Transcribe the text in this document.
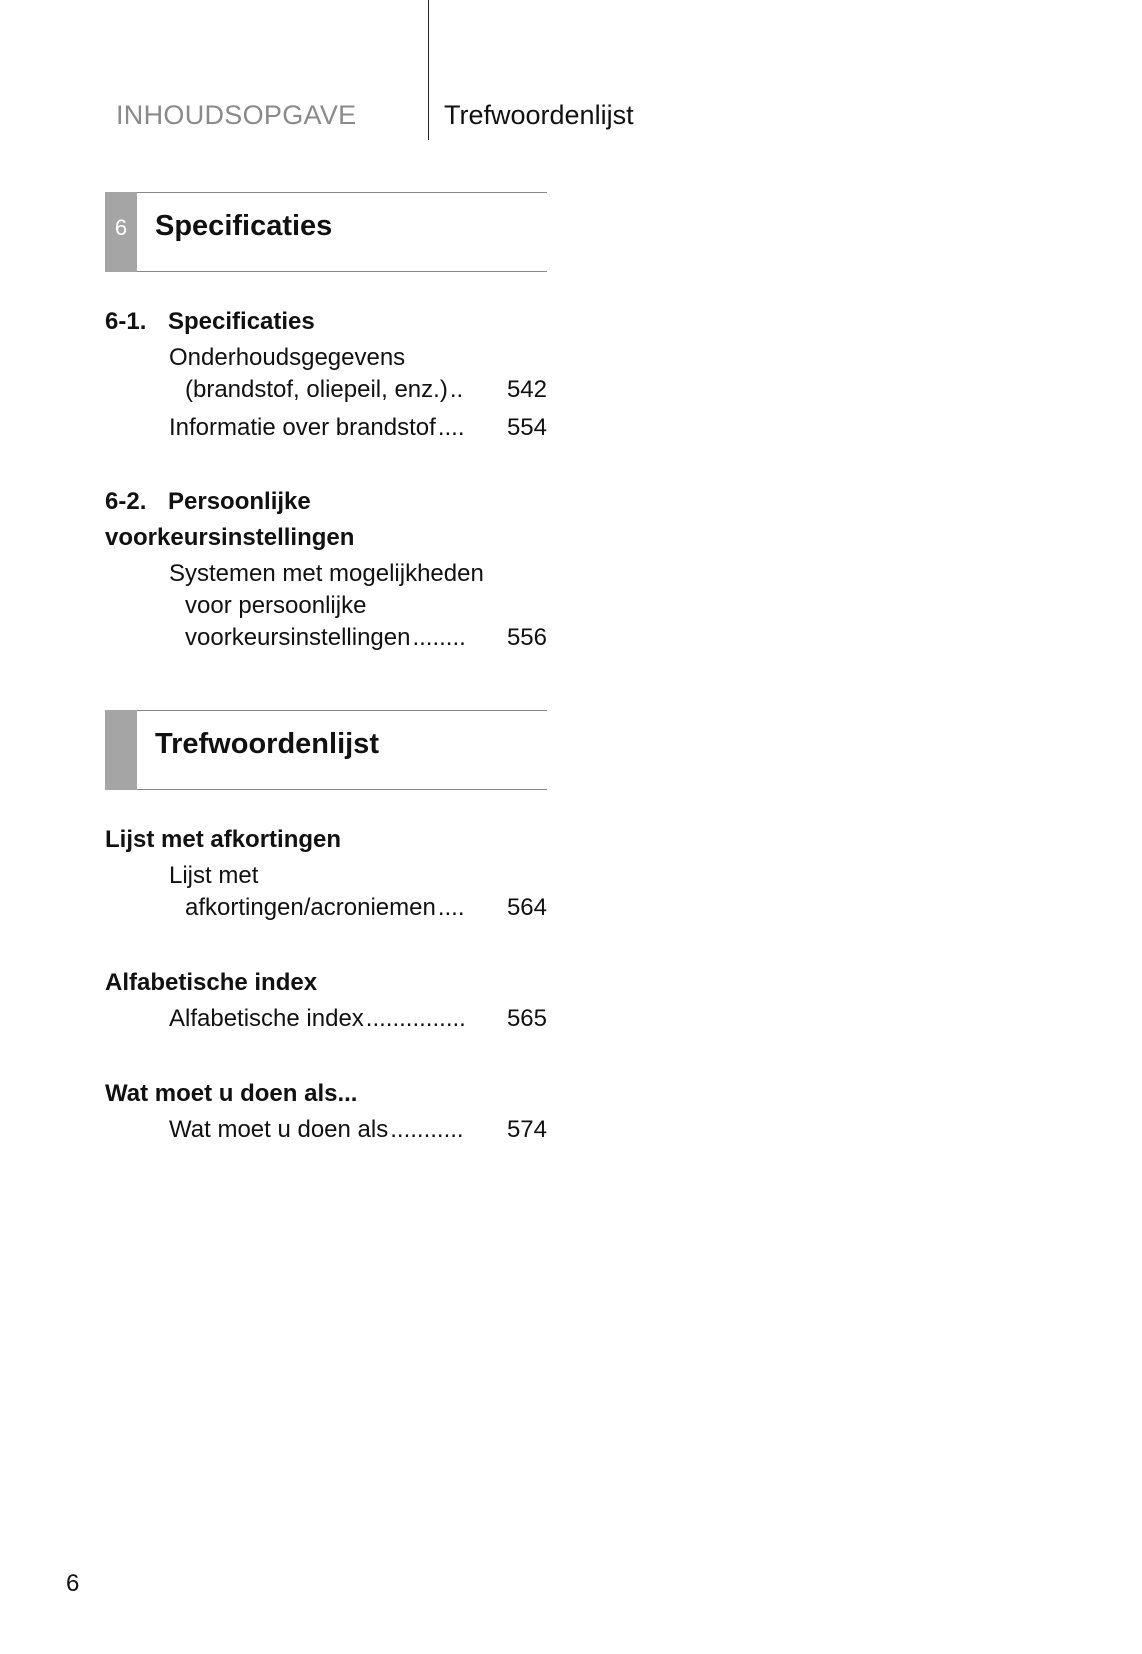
INHOUDSOPGAVE	Trefwoordenlijst
6 Specificaties
6-1. Specificaties
Onderhoudsgegevens
(brandstof, oliepeil, enz.) ..	542
Informatie over brandstof ....	554
6-2. Persoonlijke
voorkeursinstellingen
Systemen met mogelijkheden
voor persoonlijke
voorkeursinstellingen ........	556
Trefwoordenlijst
Lijst met afkortingen
Lijst met
afkortingen/acroniemen ....	564
Alfabetische index
Alfabetische index ...............	565
Wat moet u doen als...
Wat moet u doen als ...........	574
6
